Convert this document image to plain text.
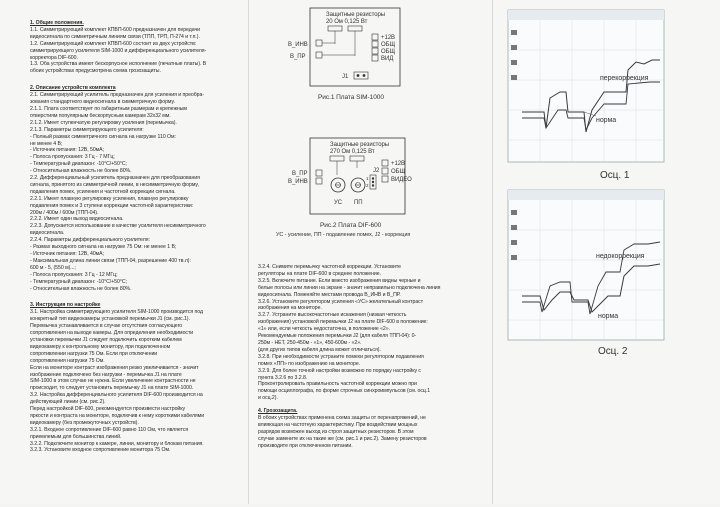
1. Общие положения.

1.1. Симметрирующий комплект КПВП-600 предназначен для передачи

видеосигнала по симметричным линиям связи (ТПП, ТРП, П-274 и т.п.).

1.2. Симметрирующий комплект КПВП-600 состоит из двух устройств:

симметрирующего усилителя SIM-1000 и дифференциального усилителя-

корректора DIF-600.

1.3. Оба устройства имеют бескорпусное исполнение (печатные платы). В

обоих устройствах предусмотрена схема грозозащиты.

2. Описание устройств комплекта

2.1. Симметрирующий усилитель предназначен для усиления и преобра-

зования стандартного видеосигнала в симметричную форму.

2.1.1. Плата соответствует по габаритным размерам и крепежным

отверстиям популярным бескорпусным камерам 32х32 мм.

2.1.2. Имеет ступенчатую регулировку усиления (перемычка).

2.1.3. Параметры симметрирующего усилителя:

- Полный размах симметричного сигнала на нагрузке 110 Ом:

не менее 4 В;

- Источник питания: 12В, 50мА;

- Полоса пропускания: 3 Гц - 7 МГц;

- Температурный диапазон: -10°C/+50°C;

- Относительная влажность не более 80%.

2.2. Дифференциальный усилитель предназначен для преобразования

сигнала, принятого из симметричной линии, в несимметричную форму,

подавления помех, усиления и частотной коррекции сигнала.

2.2.1. Имеет плавную регулировку усиления, плавную регулировку

подавления помех и 3 ступени коррекции частотной характеристики:

200м / 400м / 600м (ТПП-04).

2.2.2. Имеет один выход видеосигнала.

2.2.3. Допускается использование в качестве усилителя несимметричного

видеосигнала.

2.2.4. Параметры дифференциального усилителя:

- Размах выходного сигнала на нагрузке 75 Ом: не менее 1 В;

- Источник питания: 12В, 40мА;

- Максимальная длина линии связи (ТПП-04, разрешение 400 тв.л):

600 м - 5, (550 м)...;

- Полоса пропускания: 3 Гц - 12 МГц;

- Температурный диапазон: -10°C/+50°C;

- Относительная влажность не более 80%.

3. Инструкция по настройке

3.1. Настройка симметрирующего усилителя SIM-1000 производится под

конкретный тип видеокамеры установкой перемычки J1 (см. рис.1).

Перемычка устанавливается в случае отсутствия согласующего

сопротивления на выходе камеры. Для определения необходимости

установки перемычки J1 следует подключить коротким кабелем

видеокамеру к контрольному монитору, при подключенном

сопротивлении нагрузки 75 Ом. Если при отключении

сопротивления нагрузки 75 Ом.

Если на мониторе контраст изображения резко увеличивается - значит

изображение подключено без нагрузки - перемычка J1 на плате

SIM-1000 в этом случае не нужна. Если увеличение контрастности не

происходит, то следует установить перемычку J1 на плате SIM-1000.

3.2. Настройка дифференциального усилителя DIF-600 производится на

действующей линии (см. рис.2).

Перед настройкой DIF-600, рекомендуется произвести настройку

яркости и контраста на мониторе, подключив к нему короткими кабелями

видеокамеру (без промежуточных устройств).

3.2.1. Входное сопротивление DIF-600 равно 110 Ом, что является

приемлемым для большинства линий.

3.2.2. Подключите монитор к камере, линии, монитору и блокам питания.

3.2.3. Установите входное сопротивление монитора 75 Ом.

Защитные резисторы
20 Ом 0,125 Вт
+12В
ОБЩ
ОБЩ
ВИД
В_ИНВ
В_ПР
J1
Рис.1 Плата SIM-1000
Защитные резисторы
270 Ом 0,125 Вт
В_ПР
В_ИНВ
УС ПП
J2
1
2
+12В
ОБЩ
ВИДЕО
Рис.2 Плата DIF-600
УС - усиление, ПП - подавление помех, J2 - коррекция

3.2.4. Снимите перемычку частотной коррекции. Установите

регуляторы на плате DIF-600 в среднее положение.

3.2.5. Включите питание. Если вместо изображения видны черные и

белые полосы или линии на экране - значит неправильно подключена линия

видеосигнала. Поменяйте местами проводa В_ИНВ и В_ПР.

3.2.6. Установите регулятором усиления «УС» желательный контраст

изображения на мониторе.

3.2.7. Устраните высокочастотные искажения (низкая четкость

изображения) установкой перемычки J2 на плате DIF-600 в положение:

«1» или, если четкость недостаточна, в положение «2».

Рекомендуемые положения перемычки J2 (для кабеля ТПП-04): 0-

250м - НЕТ, 250-450м - «1», 450-600м - «2».

(для других типов кабеля длина может отличаться).

3.2.8. При необходимости устраните помехи регулятором подавления

помех «ПП» по изображению на мониторе.

3.2.9. Для более точной настройки возможно по порядку настройку с

пункта 3.2.6 по 3.2.8.

Проконтролировать правильность частотной коррекции можно при

помощи осциллографа, по форме строчных синхроимпульсов (см. осц.1

и осц.2).

4. Грозозащита.

В обоих устройствах применена схема защиты от перенапряжений, не

влияющая на частотную характеристику. При воздействии мощных

разрядов возможен выход из строя защитных резисторов. В этом

случае замените их на такие же (см. рис.1 и рис.2). Замену резисторов

производите при отключенном питании.

перекоррекция
норма
Осц. 1
недокоррекция
норма
Осц. 2
